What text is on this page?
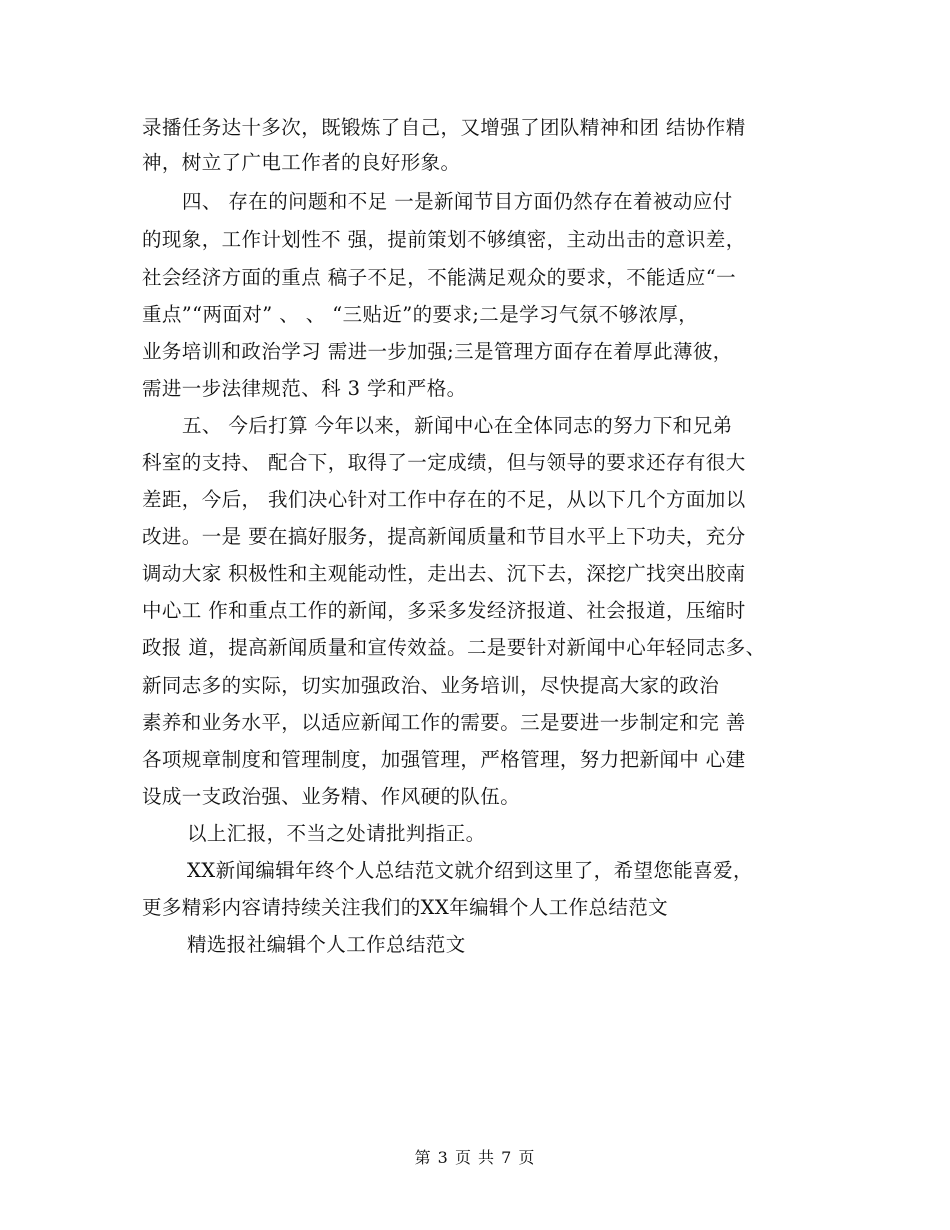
录播任务达十多次，既锻炼了自己，又增强了团队精神和团 结协作精
神，树立了广电工作者的良好形象。
四、 存在的问题和不足 一是新闻节目方面仍然存在着被动应付
的现象，工作计划性不 强，提前策划不够缜密，主动出击的意识差，
社会经济方面的重点 稿子不足，不能满足观众的要求，不能适应“一
重点”“两面对” 、 、 “三贴近”的要求;二是学习气氛不够浓厚，
业务培训和政治学习 需进一步加强;三是管理方面存在着厚此薄彼，
需进一步法律规范、科 3 学和严格。
五、 今后打算 今年以来，新闻中心在全体同志的努力下和兄弟
科室的支持、 配合下，取得了一定成绩，但与领导的要求还存有很大
差距，今后， 我们决心针对工作中存在的不足，从以下几个方面加以
改进。一是 要在搞好服务，提高新闻质量和节目水平上下功夫，充分
调动大家 积极性和主观能动性，走出去、沉下去，深挖广找突出胶南
中心工 作和重点工作的新闻，多采多发经济报道、社会报道，压缩时
政报 道，提高新闻质量和宣传效益。二是要针对新闻中心年轻同志多、
新同志多的实际，切实加强政治、业务培训，尽快提高大家的政治
素养和业务水平，以适应新闻工作的需要。三是要进一步制定和完 善
各项规章制度和管理制度，加强管理，严格管理，努力把新闻中 心建
设成一支政治强、业务精、作风硬的队伍。
以上汇报，不当之处请批判指正。
XX新闻编辑年终个人总结范文就介绍到这里了，希望您能喜爱，
更多精彩内容请持续关注我们的XX年编辑个人工作总结范文
精选报社编辑个人工作总结范文
第 3 页 共 7 页
